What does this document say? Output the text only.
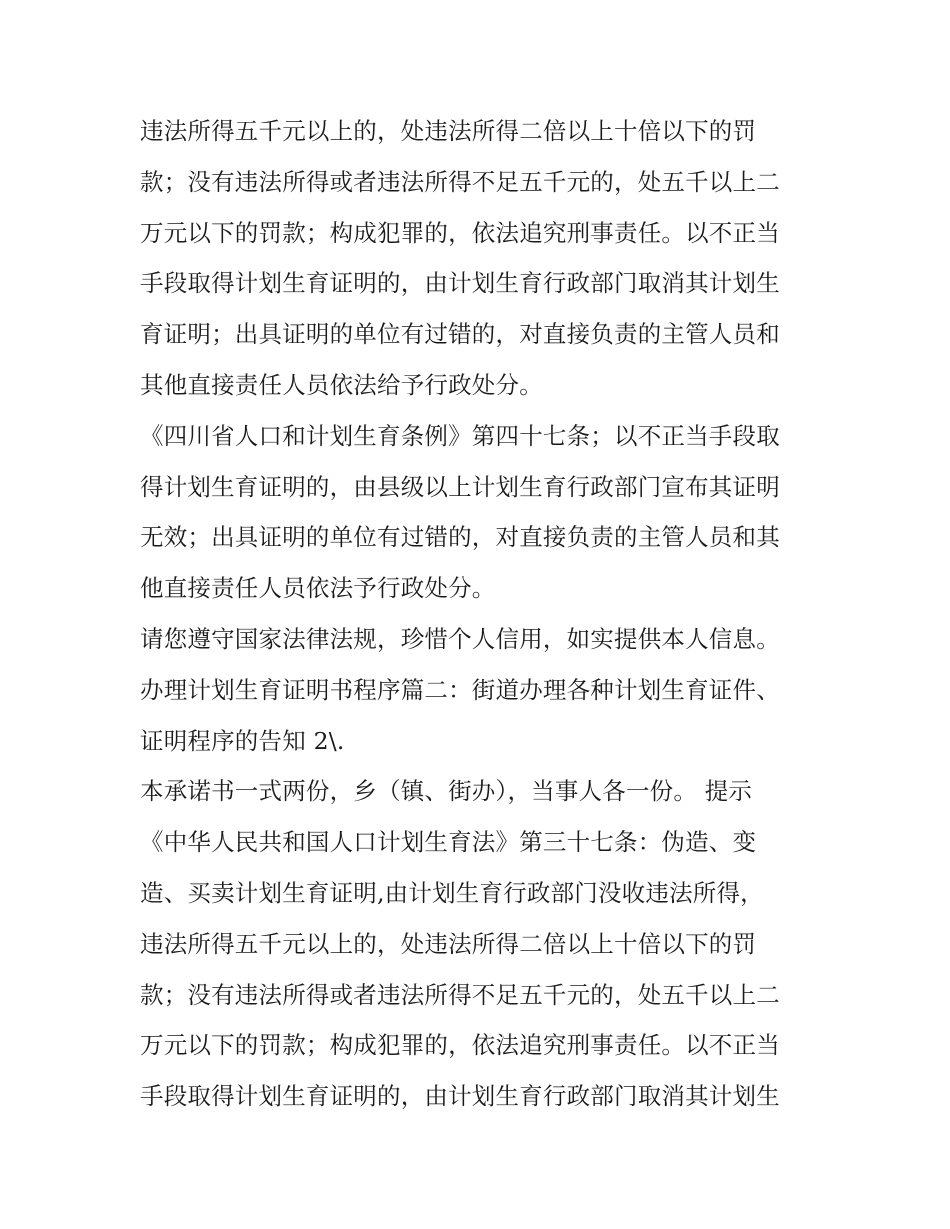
违法所得五千元以上的，处违法所得二倍以上十倍以下的罚
款；没有违法所得或者违法所得不足五千元的，处五千以上二
万元以下的罚款；构成犯罪的，依法追究刑事责任。以不正当
手段取得计划生育证明的，由计划生育行政部门取消其计划生
育证明；出具证明的单位有过错的，对直接负责的主管人员和
其他直接责任人员依法给予行政处分。
《四川省人口和计划生育条例》第四十七条；以不正当手段取
得计划生育证明的，由县级以上计划生育行政部门宣布其证明
无效；出具证明的单位有过错的，对直接负责的主管人员和其
他直接责任人员依法予行政处分。
请您遵守国家法律法规，珍惜个人信用，如实提供本人信息。
办理计划生育证明书程序篇二：街道办理各种计划生育证件、
证明程序的告知 2\.
本承诺书一式两份，乡（镇、街办），当事人各一份。 提示
《中华人民共和国人口计划生育法》第三十七条：伪造、变
造、买卖计划生育证明,由计划生育行政部门没收违法所得，
违法所得五千元以上的，处违法所得二倍以上十倍以下的罚
款；没有违法所得或者违法所得不足五千元的，处五千以上二
万元以下的罚款；构成犯罪的，依法追究刑事责任。以不正当
手段取得计划生育证明的，由计划生育行政部门取消其计划生
